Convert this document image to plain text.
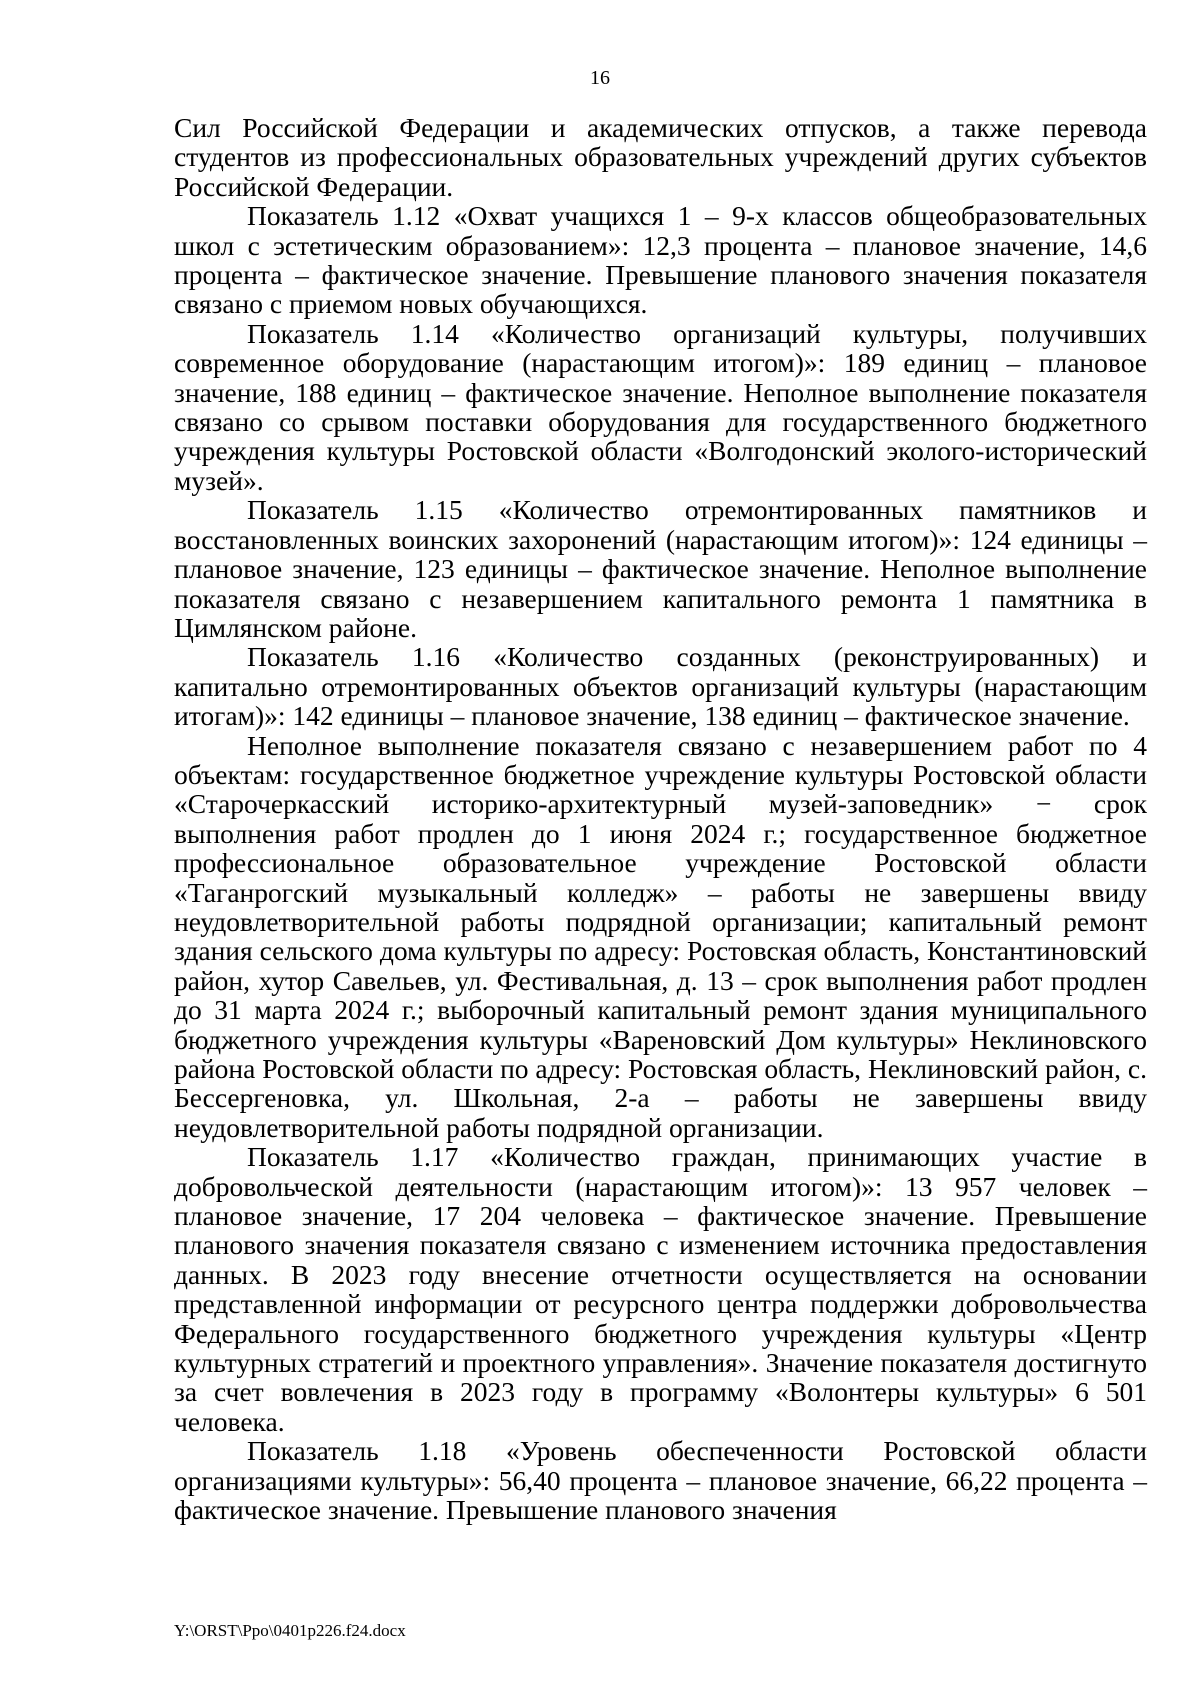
16

Сил Российской Федерации и академических отпусков, а также перевода студентов из профессиональных образовательных учреждений других субъектов Российской Федерации.

Показатель 1.12 «Охват учащихся 1 – 9-х классов общеобразовательных школ с эстетическим образованием»: 12,3 процента – плановое значение, 14,6 процента – фактическое значение. Превышение планового значения показателя связано с приемом новых обучающихся.

Показатель 1.14 «Количество организаций культуры, получивших современное оборудование (нарастающим итогом)»: 189 единиц – плановое значение, 188 единиц – фактическое значение. Неполное выполнение показателя связано со срывом поставки оборудования для государственного бюджетного учреждения культуры Ростовской области «Волгодонский эколого-исторический музей».

Показатель 1.15 «Количество отремонтированных памятников и восстановленных воинских захоронений (нарастающим итогом)»: 124 единицы – плановое значение, 123 единицы – фактическое значение. Неполное выполнение показателя связано с незавершением капитального ремонта 1 памятника в Цимлянском районе.

Показатель 1.16 «Количество созданных (реконструированных) и капитально отремонтированных объектов организаций культуры (нарастающим итогам)»: 142 единицы – плановое значение, 138 единиц – фактическое значение.

Неполное выполнение показателя связано с незавершением работ по 4 объектам: государственное бюджетное учреждение культуры Ростовской области «Старочеркасский историко-архитектурный музей-заповедник» − срок выполнения работ продлен до 1 июня 2024 г.; государственное бюджетное профессиональное образовательное учреждение Ростовской области «Таганрогский музыкальный колледж» – работы не завершены ввиду неудовлетворительной работы подрядной организации; капитальный ремонт здания сельского дома культуры по адресу: Ростовская область, Константиновский район, хутор Савельев, ул. Фестивальная, д. 13 – срок выполнения работ продлен до 31 марта 2024 г.; выборочный капитальный ремонт здания муниципального бюджетного учреждения культуры «Вареновский Дом культуры» Неклиновского района Ростовской области по адресу: Ростовская область, Неклиновский район, с. Бессергеновка, ул. Школьная, 2-а – работы не завершены ввиду неудовлетворительной работы подрядной организации.

Показатель 1.17 «Количество граждан, принимающих участие в добровольческой деятельности (нарастающим итогом)»: 13 957 человек – плановое значение, 17 204 человека – фактическое значение. Превышение планового значения показателя связано с изменением источника предоставления данных. В 2023 году внесение отчетности осуществляется на основании представленной информации от ресурсного центра поддержки добровольчества Федерального государственного бюджетного учреждения культуры «Центр культурных стратегий и проектного управления». Значение показателя достигнуто за счет вовлечения в 2023 году в программу «Волонтеры культуры» 6 501 человека.

Показатель 1.18 «Уровень обеспеченности Ростовской области организациями культуры»: 56,40 процента – плановое значение, 66,22 процента – фактическое значение. Превышение планового значения

Y:\ORST\Ppo\0401p226.f24.docx
